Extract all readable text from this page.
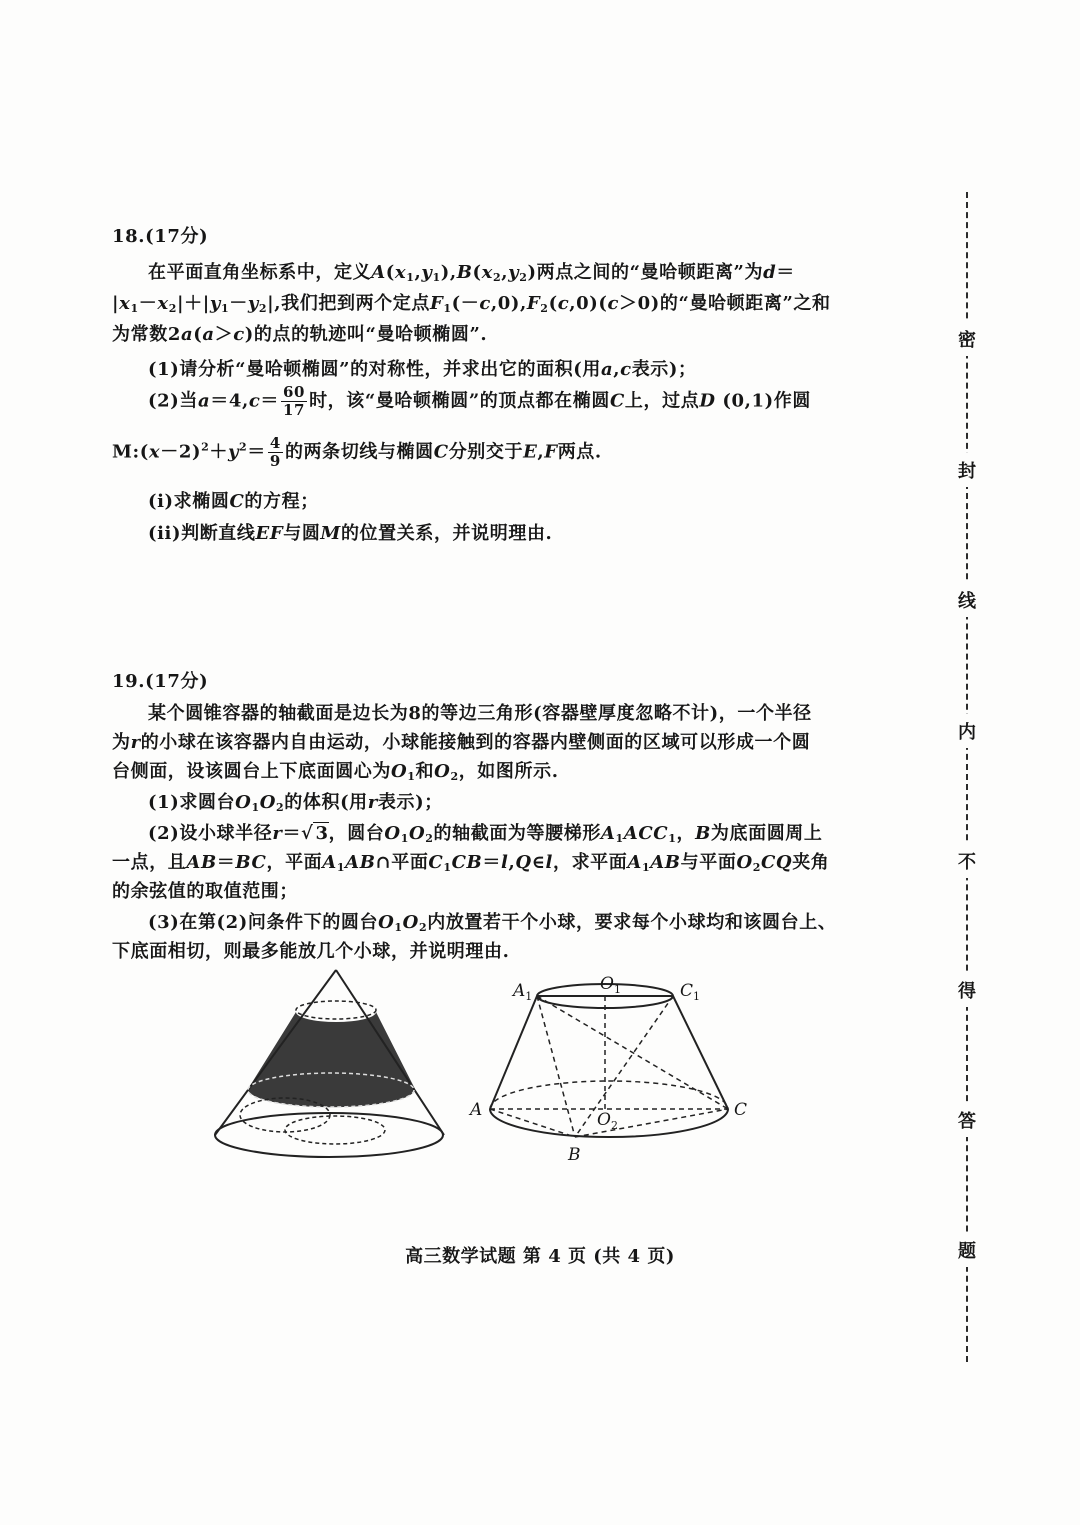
18.(17分)
在平面直角坐标系中，定义$A(x_1,y_1),B(x_2,y_2)$两点之间的“曼哈顿距离”为d＝
$|x_1-x_2|+|y_1-y_2|$,我们把到两个定点$F_1(-c,0),F_2(c,0)(c>0)$的“曼哈顿距离”之和
为常数2a(a＞c)的点的轨迹叫“曼哈顿椭圆”.
(1)请分析“曼哈顿椭圆”的对称性，并求出它的面积(用a,c表示)；
(2)当$a=4,c= \frac{60}{17}$ 时，该“曼哈顿椭圆”的顶点都在椭圆C上，过点D (0,1)作圆
$M:(x-2)^2+y^2= \frac{4}{9}$ 的两条切线与椭圆C分别交于E,F两点.
(i)求椭圆C的方程；
(ii)判断直线EF与圆M的位置关系，并说明理由.
19.(17分)
某个圆锥容器的轴截面是边长为8的等边三角形(容器壁厚度忽略不计)，一个半径
为r的小球在该容器内自由运动，小球能接触到的容器内壁侧面的区域可以形成一个圆
台侧面，设该圆台上下底面圆心为$O_1$和$O_2$，如图所示.
(1)求圆台$O_1O_2$的体积(用r表示)；
(2)设小球半径r＝√ 3，圆台$O_1O_2$的轴截面为等腰梯形$A_1ACC_1$，B为底面圆周上
一点，且AB＝BC，平面$A_1AB\cap$平面$C_1CB=l,Q\in l$，求平面$A_1AB$与平面$O_2CQ$夹角
的余弦值的取值范围；
(3)在第(2)问条件下的圆台$O_1O_2$内放置若干个小球，要求每个小球均和该圆台上、
下底面相切，则最多能放几个小球，并说明理由.
$A_1$
$O_1$	$C_1$
A	$O_2$
C
B
密
封
线
内
不
得
答
题
高三数学试题 第 4 页 (共 4 页)
